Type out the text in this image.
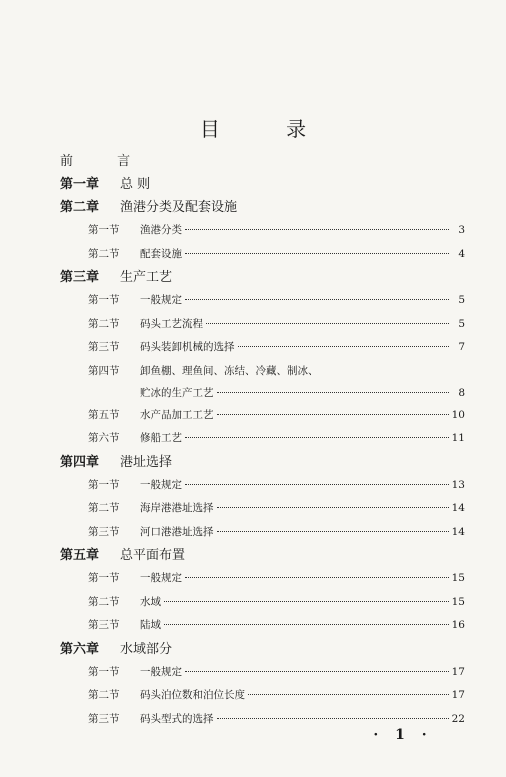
目 录
前 言
第一章 总 则
第二章 渔港分类及配套设施
第一节	渔港分类	3
第二节	配套设施	4
第三章 生产工艺
第一节	一般规定	5
第二节	码头工艺流程	5
第三节	码头装卸机械的选择	7
第四节	卸鱼棚、理鱼间、冻结、冷藏、制冰、
贮冰的生产工艺	8
第五节	水产品加工工艺	10
第六节	修船工艺	11
第四章 港址选择
第一节	一般规定	13
第二节	海岸港港址选择	14
第三节	河口港港址选择	14
第五章 总平面布置
第一节	一般规定	15
第二节	水域	15
第三节	陆域	16
第六章 水域部分
第一节	一般规定	17
第二节	码头泊位数和泊位长度	17
第三节	码头型式的选择	22
· 1 ·
